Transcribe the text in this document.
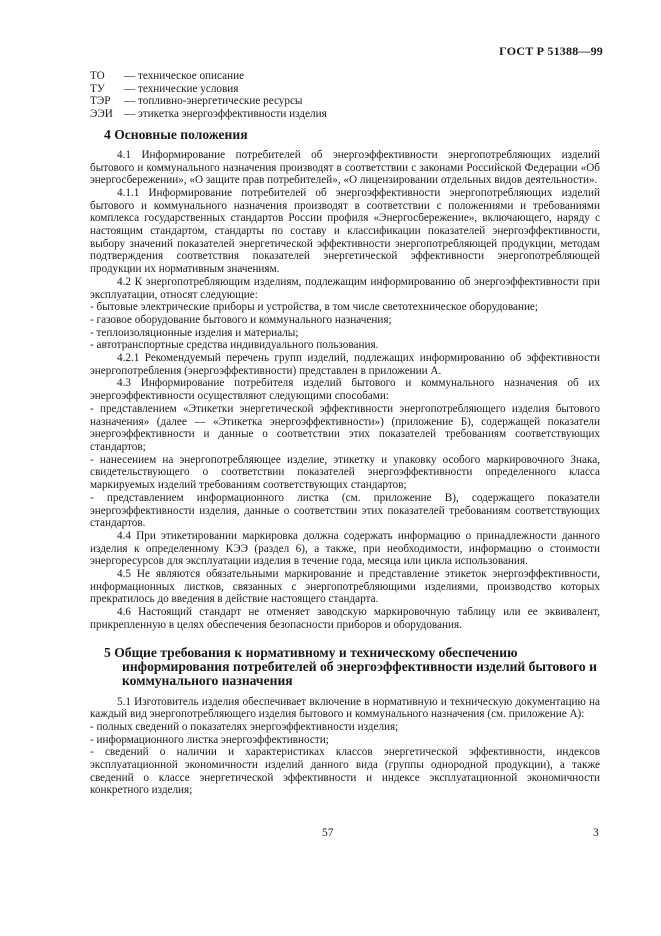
ГОСТ Р 51388—99
ТО	— техническое описание
ТУ	— технические условия
ТЭР	— топливно-энергетические ресурсы
ЭЭИ — этикетка энергоэффективности изделия
4 Основные положения

4.1 Информирование потребителей об энергоэффективности энергопотребляющих изделий бытового и коммунального назначения производят в соответствии с законами Российской Федерации «Об энергосбережении», «О защите прав потребителей», «О лицензировании отдельных видов деятельности».

4.1.1 Информирование потребителей об энергоэффективности энергопотребляющих изделий бытового и коммунального назначения производят в соответствии с положениями и требованиями комплекса государственных стандартов России профиля «Энергосбережение», включающего, наряду с настоящим стандартом, стандарты по составу и классификации показателей энергоэффективности, выбору значений показателей энергетической эффективности энергопотребляющей продукции, методам подтверждения соответствия показателей энергетической эффективности энергопотребляющей продукции их нормативным значениям.

4.2 К энергопотребляющим изделиям, подлежащим информированию об энергоэффективности при эксплуатации, относят следующие:

- бытовые электрические приборы и устройства, в том числе светотехническое оборудование;

- газовое оборудование бытового и коммунального назначения;

- теплоизоляционные изделия и материалы;

- автотранспортные средства индивидуального пользования.

4.2.1 Рекомендуемый перечень групп изделий, подлежащих информированию об эффективности энергопотребления (энергоэффективности) представлен в приложении А.

4.3 Информирование потребителя изделий бытового и коммунального назначения об их энергоэффективности осуществляют следующими способами:

- представлением «Этикетки энергетической эффективности энергопотребляющего изделия бытового назначения» (далее — «Этикетка энергоэффективности») (приложение Б), содержащей показатели энергоэффективности и данные о соответствии этих показателей требованиям соответствующих стандартов;

- нанесением на энергопотребляющее изделие, этикетку и упаковку особого маркировочного Знака, свидетельствующего о соответствии показателей энергоэффективности определенного класса маркируемых изделий требованиям соответствующих стандартов;

- представлением информационного листка (см. приложение В), содержащего показатели энергоэффективности изделия, данные о соответствии этих показателей требованиям соответствующих стандартов.

4.4 При этикетировании маркировка должна содержать информацию о принадлежности данного изделия к определенному КЭЭ (раздел 6), а также, при необходимости, информацию о стоимости энергоресурсов для эксплуатации изделия в течение года, месяца или цикла использования.

4.5 Не являются обязательными маркирование и представление этикеток энергоэффективности, информационных листков, связанных с энергопотребляющими изделиями, производство которых прекратилось до введения в действие настоящего стандарта.

4.6 Настоящий стандарт не отменяет заводскую маркировочную таблицу или ее эквивалент, прикрепленную в целях обеспечения безопасности приборов и оборудования.

5 Общие требования к нормативному и техническому обеспечению информирования потребителей об энергоэффективности изделий бытового и коммунального назначения

5.1 Изготовитель изделия обеспечивает включение в нормативную и техническую документацию на каждый вид энергопотребляющего изделия бытового и коммунального назначения (см. приложение А):

- полных сведений о показателях энергоэффективности изделия;

- информационного листка энергоэффективности;

- сведений о наличии и характеристиках классов энергетической эффективности, индексов эксплуатационной экономичности изделий данного вида (группы однородной продукции), а также сведений о классе энергетической эффективности и индексе эксплуатационной экономичности конкретного изделия;

57	3
